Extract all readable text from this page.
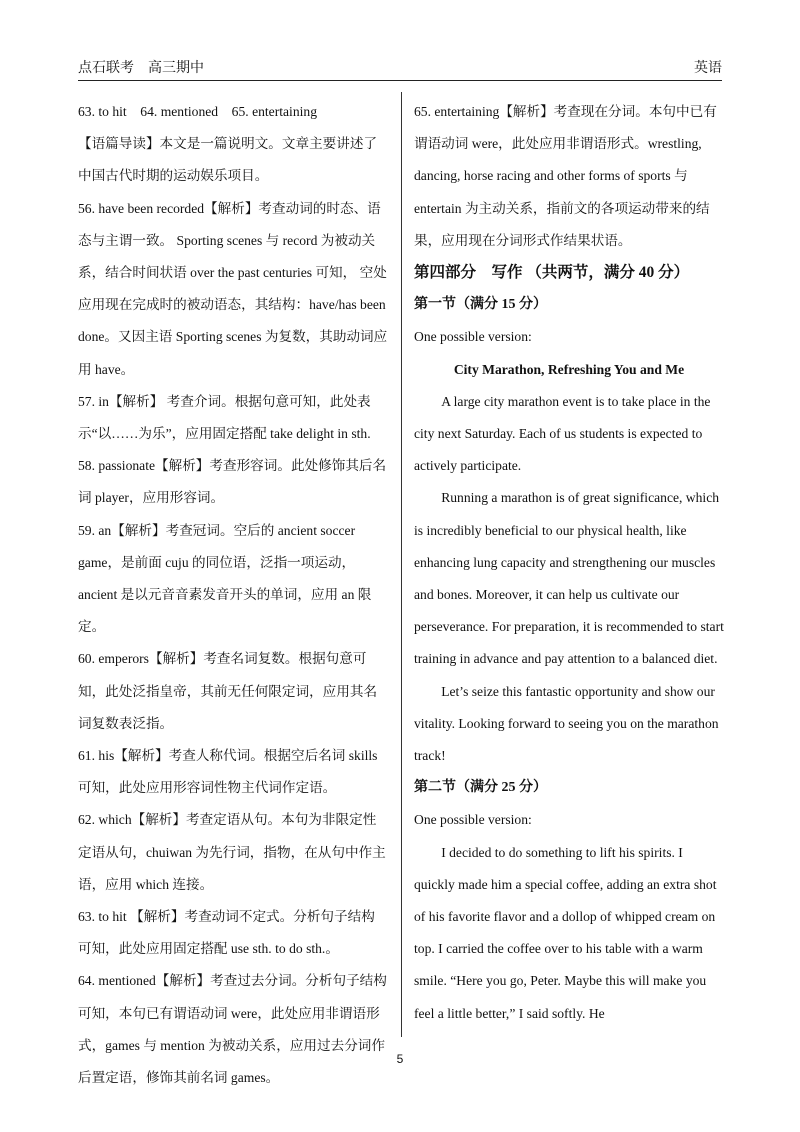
点石联考　高三期中	英语

63. to hit　64. mentioned　65. entertaining

【语篇导读】本文是一篇说明文。文章主要讲述了中国古代时期的运动娱乐项目。

56. have been recorded【解析】考查动词的时态、语态与主谓一致。 Sporting scenes 与 record 为被动关系，结合时间状语 over the past centuries 可知， 空处应用现在完成时的被动语态，其结构：have/has been done。又因主语 Sporting scenes 为复数，其助动词应用 have。

57. in【解析】 考查介词。根据句意可知，此处表示“以……为乐”，应用固定搭配 take delight in sth.

58. passionate【解析】考查形容词。此处修饰其后名词 player，应用形容词。

59. an【解析】考查冠词。空后的 ancient soccer game，是前面 cuju 的同位语，泛指一项运动，ancient 是以元音音素发音开头的单词，应用 an 限定。

60. emperors【解析】考查名词复数。根据句意可知，此处泛指皇帝，其前无任何限定词，应用其名词复数表泛指。

61. his【解析】考查人称代词。根据空后名词 skills 可知，此处应用形容词性物主代词作定语。

62. which【解析】考查定语从句。本句为非限定性定语从句，chuiwan 为先行词，指物，在从句中作主语，应用 which 连接。

63. to hit 【解析】考查动词不定式。分析句子结构可知，此处应用固定搭配 use sth. to do sth.。

64. mentioned【解析】考查过去分词。分析句子结构可知，本句已有谓语动词 were，此处应用非谓语形式，games 与 mention 为被动关系，应用过去分词作后置定语，修饰其前名词 games。

65. entertaining【解析】考查现在分词。本句中已有谓语动词 were，此处应用非谓语形式。wrestling, dancing, horse racing and other forms of sports 与 entertain 为主动关系，指前文的各项运动带来的结果，应用现在分词形式作结果状语。

第四部分　写作 （共两节，满分 40 分）

第一节（满分 15 分）

One possible version:

City Marathon, Refreshing You and Me

A large city marathon event is to take place in the city next Saturday. Each of us students is expected to actively participate.

Running a marathon is of great significance, which is incredibly beneficial to our physical health, like enhancing lung capacity and strengthening our muscles and bones. Moreover, it can help us cultivate our perseverance. For preparation, it is recommended to start training in advance and pay attention to a balanced diet.

Let’s seize this fantastic opportunity and show our vitality. Looking forward to seeing you on the marathon track!

第二节（满分 25 分）

One possible version:

I decided to do something to lift his spirits. I quickly made him a special coffee, adding an extra shot of his favorite flavor and a dollop of whipped cream on top. I carried the coffee over to his table with a warm smile. “Here you go, Peter. Maybe this will make you feel a little better,” I said softly. He

5
